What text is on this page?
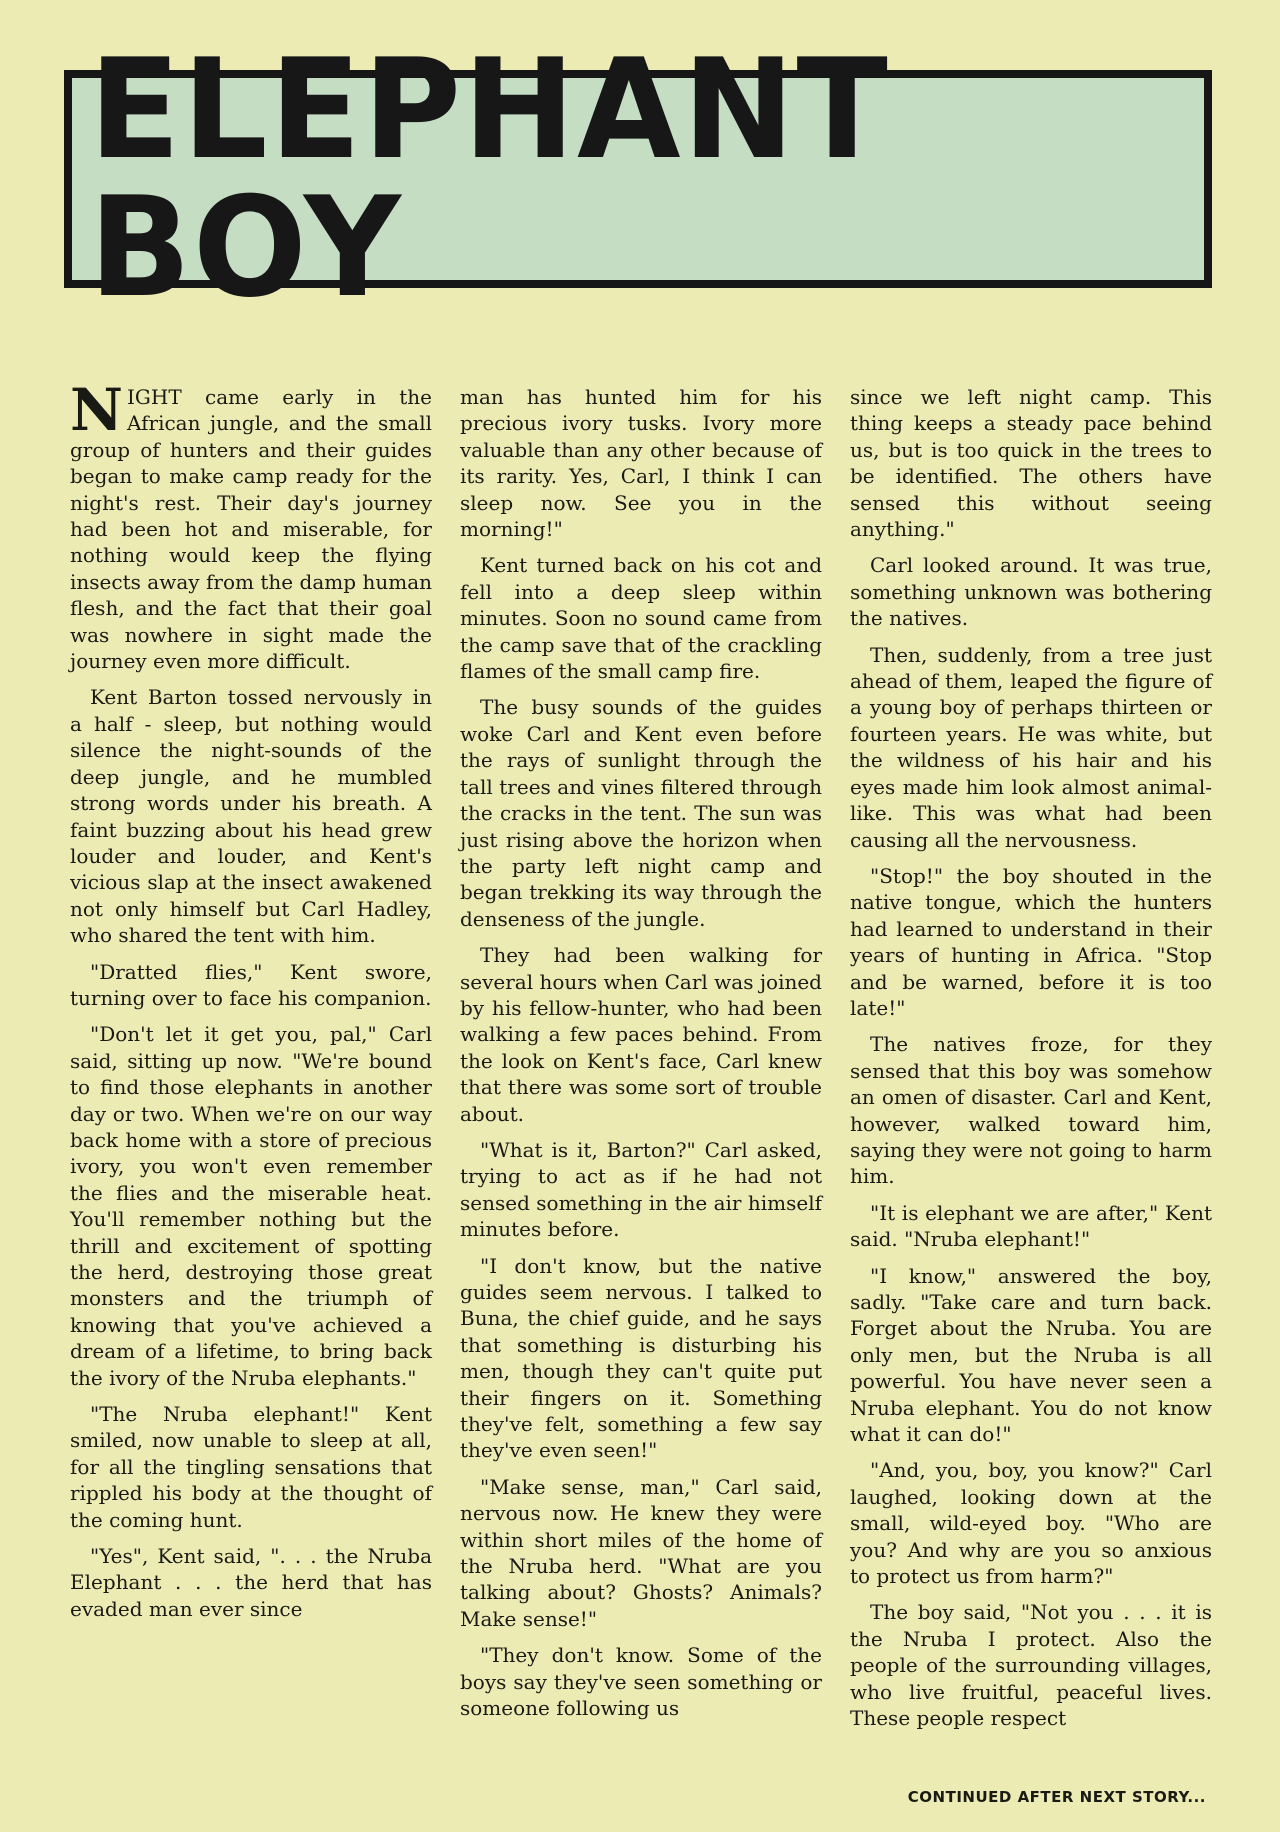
ELEPHANT BOY

NIGHT came early in the African jungle, and the small group of hunters and their guides began to make camp ready for the night's rest. Their day's journey had been hot and miserable, for nothing would keep the flying insects away from the damp human flesh, and the fact that their goal was nowhere in sight made the journey even more difficult.

Kent Barton tossed nervously in a half - sleep, but nothing would silence the night-sounds of the deep jungle, and he mumbled strong words under his breath. A faint buzzing about his head grew louder and louder, and Kent's vicious slap at the insect awakened not only himself but Carl Hadley, who shared the tent with him.

"Dratted flies," Kent swore, turning over to face his companion.

"Don't let it get you, pal," Carl said, sitting up now. "We're bound to find those elephants in another day or two. When we're on our way back home with a store of precious ivory, you won't even remember the flies and the miserable heat. You'll remember nothing but the thrill and excitement of spotting the herd, destroying those great monsters and the triumph of knowing that you've achieved a dream of a lifetime, to bring back the ivory of the Nruba elephants."

"The Nruba elephant!" Kent smiled, now unable to sleep at all, for all the tingling sensations that rippled his body at the thought of the coming hunt.

"Yes", Kent said, ". . . the Nruba Elephant . . . the herd that has evaded man ever since

man has hunted him for his precious ivory tusks. Ivory more valuable than any other because of its rarity. Yes, Carl, I think I can sleep now. See you in the morning!"

Kent turned back on his cot and fell into a deep sleep within minutes. Soon no sound came from the camp save that of the crackling flames of the small camp fire.

The busy sounds of the guides woke Carl and Kent even before the rays of sunlight through the tall trees and vines filtered through the cracks in the tent. The sun was just rising above the horizon when the party left night camp and began trekking its way through the denseness of the jungle.

They had been walking for several hours when Carl was joined by his fellow-hunter, who had been walking a few paces behind. From the look on Kent's face, Carl knew that there was some sort of trouble about.

"What is it, Barton?" Carl asked, trying to act as if he had not sensed something in the air himself minutes before.

"I don't know, but the native guides seem nervous. I talked to Buna, the chief guide, and he says that something is disturbing his men, though they can't quite put their fingers on it. Something they've felt, something a few say they've even seen!"

"Make sense, man," Carl said, nervous now. He knew they were within short miles of the home of the Nruba herd. "What are you talking about? Ghosts? Animals? Make sense!"

"They don't know. Some of the boys say they've seen something or someone following us

since we left night camp. This thing keeps a steady pace behind us, but is too quick in the trees to be identified. The others have sensed this without seeing anything."

Carl looked around. It was true, something unknown was bothering the natives.

Then, suddenly, from a tree just ahead of them, leaped the figure of a young boy of perhaps thirteen or fourteen years. He was white, but the wildness of his hair and his eyes made him look almost animal-like. This was what had been causing all the nervousness.

"Stop!" the boy shouted in the native tongue, which the hunters had learned to understand in their years of hunting in Africa. "Stop and be warned, before it is too late!"

The natives froze, for they sensed that this boy was somehow an omen of disaster. Carl and Kent, however, walked toward him, saying they were not going to harm him.

"It is elephant we are after," Kent said. "Nruba elephant!"

"I know," answered the boy, sadly. "Take care and turn back. Forget about the Nruba. You are only men, but the Nruba is all powerful. You have never seen a Nruba elephant. You do not know what it can do!"

"And, you, boy, you know?" Carl laughed, looking down at the small, wild-eyed boy. "Who are you? And why are you so anxious to protect us from harm?"

The boy said, "Not you . . . it is the Nruba I protect. Also the people of the surrounding villages, who live fruitful, peaceful lives. These people respect

CONTINUED AFTER NEXT STORY...
